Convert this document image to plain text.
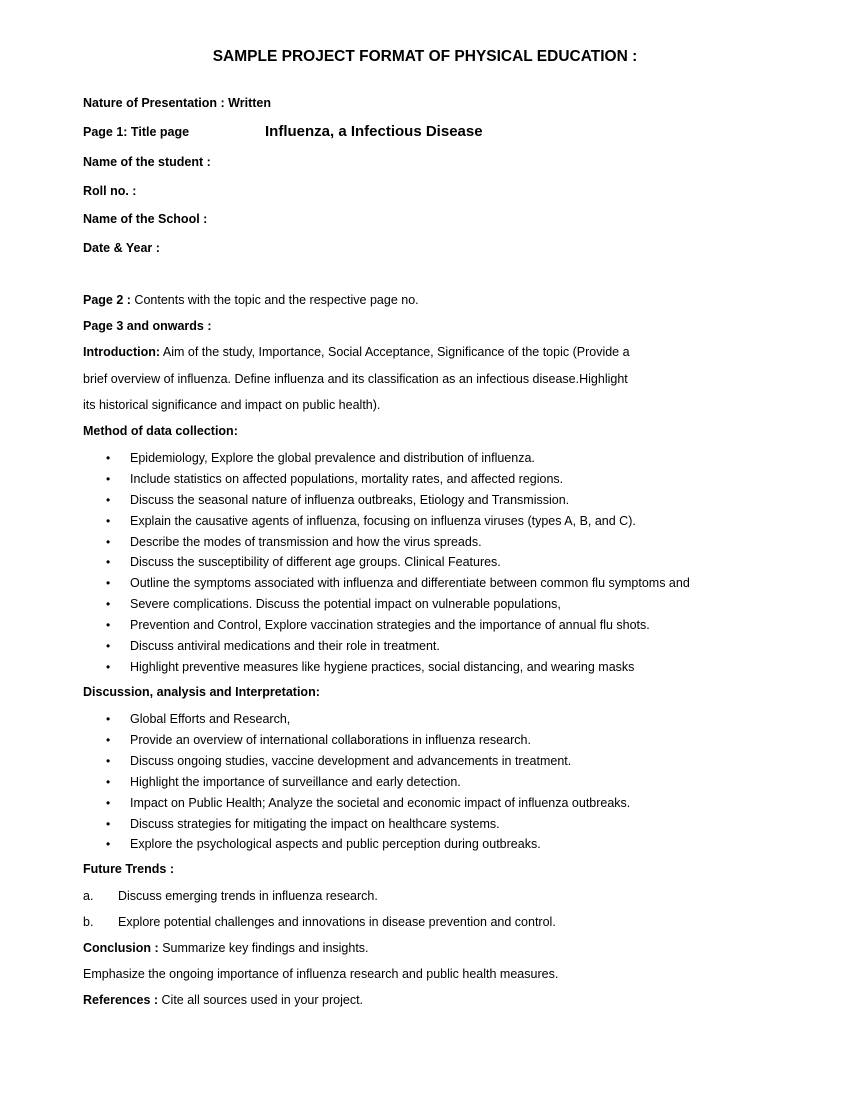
SAMPLE PROJECT FORMAT OF PHYSICAL EDUCATION :
Nature of Presentation : Written
Page 1: Title page	Influenza, a Infectious Disease
Name of the student :
Roll no. :
Name of the School :
Date & Year :
Page 2 : Contents with the topic and the respective page no.
Page 3 and onwards :
Introduction: Aim of the study, Importance, Social Acceptance, Significance of the topic (Provide a
brief overview of influenza. Define influenza and its classification as an infectious disease.Highlight
its historical significance and impact on public health).
Method of data collection:
• Epidemiology, Explore the global prevalence and distribution of influenza.
• Include statistics on affected populations, mortality rates, and affected regions.
• Discuss the seasonal nature of influenza outbreaks, Etiology and Transmission.
• Explain the causative agents of influenza, focusing on influenza viruses (types A, B, and C).
• Describe the modes of transmission and how the virus spreads.
• Discuss the susceptibility of different age groups. Clinical Features.
• Outline the symptoms associated with influenza and differentiate between common flu symptoms and
• Severe complications. Discuss the potential impact on vulnerable populations,
• Prevention and Control, Explore vaccination strategies and the importance of annual flu shots.
• Discuss antiviral medications and their role in treatment.
• Highlight preventive measures like hygiene practices, social distancing, and wearing masks
Discussion, analysis and Interpretation:
• Global Efforts and Research,
• Provide an overview of international collaborations in influenza research.
• Discuss ongoing studies, vaccine development and advancements in treatment.
• Highlight the importance of surveillance and early detection.
• Impact on Public Health; Analyze the societal and economic impact of influenza outbreaks.
• Discuss strategies for mitigating the impact on healthcare systems.
• Explore the psychological aspects and public perception during outbreaks.
Future Trends :
a. Discuss emerging trends in influenza research.
b. Explore potential challenges and innovations in disease prevention and control.
Conclusion : Summarize key findings and insights.
Emphasize the ongoing importance of influenza research and public health measures.
References : Cite all sources used in your project.
